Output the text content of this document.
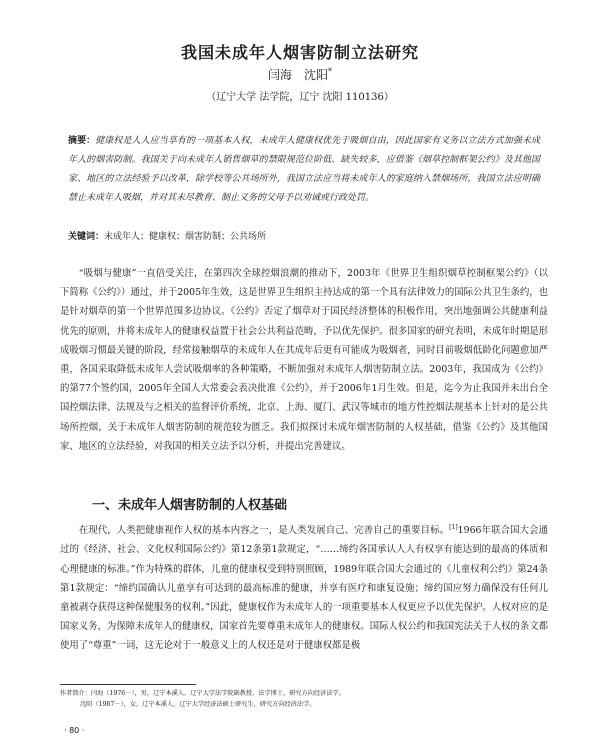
我国未成年人烟害防制立法研究
闫海　沈阳*
（辽宁大学 法学院，辽宁 沈阳 110136）
摘要：健康权是人人应当享有的一项基本人权，未成年人健康权优先于吸烟自由，因此国家有义务以立法方式加强未成年人的烟害防制。我国关于向未成年人销售烟草的禁限规范位阶低、缺失较多，应借鉴《烟草控制框架公约》及其他国家、地区的立法经验予以改革，除学校等公共场所外，我国立法应当将未成年人的家庭纳入禁烟场所，我国立法应明确禁止未成年人吸烟，并对其未尽教育、制止义务的父母予以劝诫或行政处罚。
关键词：未成年人；健康权；烟害防制；公共场所
“吸烟与健康”一直倍受关注，在第四次全球控烟浪潮的推动下，2003年《世界卫生组织烟草控制框架公约》（以下简称《公约》）通过，并于2005年生效，这是世界卫生组织主持达成的第一个具有法律效力的国际公共卫生条约，也是针对烟草的第一个世界范围多边协议。《公约》否定了烟草对于国民经济整体的积极作用，突出地强调公共健康利益优先的原则，并将未成年人的健康权益置于社会公共利益范畴，予以优先保护。很多国家的研究表明，未成年时期是形成吸烟习惯最关键的阶段，经常接触烟草的未成年人在其成年后更有可能成为吸烟者，同时目前吸烟低龄化问题愈加严重，各国采取降低未成年人尝试吸烟率的各种策略，不断加强对未成年人烟害防制立法。2003年，我国成为《公约》的第77个签约国，2005年全国人大常委会表决批准《公约》，并于2006年1月生效。但是，迄今为止我国并未出台全国控烟法律、法规及与之相关的监督评价系统，北京、上海、厦门、武汉等城市的地方性控烟法规基本上针对的是公共场所控烟，关于未成年人烟害防制的规范较为匮乏。我们拟探讨未成年烟害防制的人权基础，借鉴《公约》及其他国家、地区的立法经验，对我国的相关立法予以分析，并提出完善建议。
一、未成年人烟害防制的人权基础
在现代，人类把健康视作人权的基本内容之一，是人类发展自己、完善自己的重要目标。[1]1966年联合国大会通过的《经济、社会、文化权利国际公约》第12条第1款规定，“……缔约各国承认人人有权享有能达到的最高的体质和心理健康的标准。”作为特殊的群体，儿童的健康权受到特别照顾，1989年联合国大会通过的《儿童权利公约》第24条第1款规定：“缔约国确认儿童享有可达到的最高标准的健康，并享有医疗和康复设施；缔约国应努力确保没有任何儿童被剥夺获得这种保健服务的权利。”因此，健康权作为未成年人的一项重要基本人权更应予以优先保护。人权对应的是国家义务，为保障未成年人的健康权，国家首先要尊重未成年人的健康权。国际人权公约和我国宪法关于人权的条文都使用了“尊重”一词，这无论对于一般意义上的人权还是对于健康权都是极
作者简介：闫海（1976－），男，辽宁本溪人，辽宁大学法学院副教授，法学博士，研究方向经济法学。
沈阳（1987－），女，辽宁本溪人，辽宁大学经济法硕士研究生，研究方向经济法学。
· 80 ·
